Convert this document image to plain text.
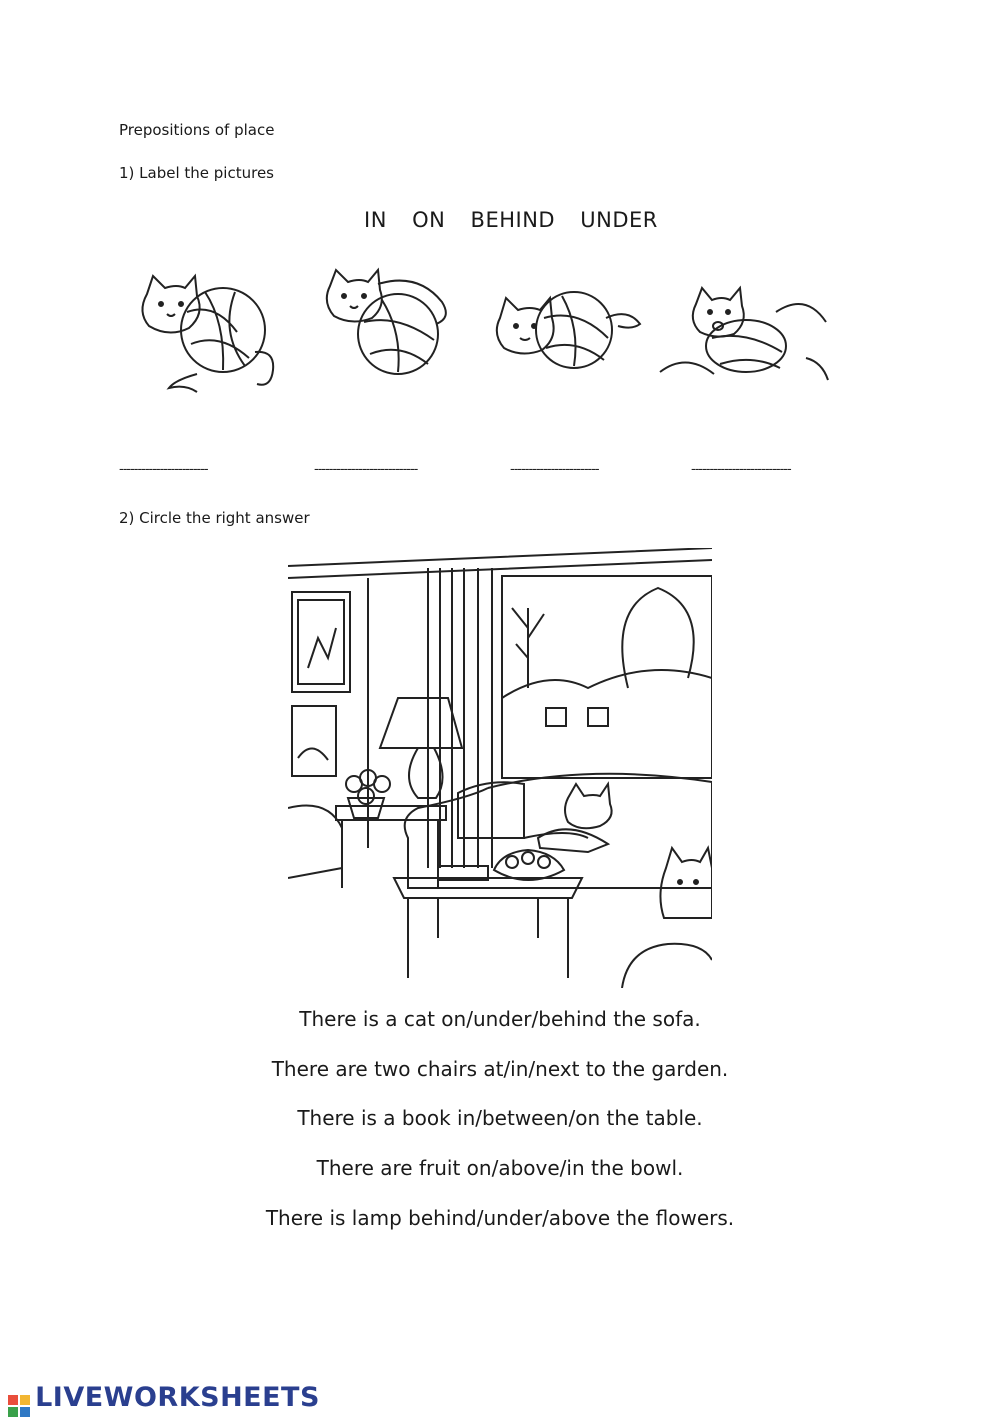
Prepositions of place
1) Label the pictures
IN ON BEHIND UNDER
------------------------	----------------------------	------------------------	---------------------------
2) Circle the right answer
There is a cat on/under/behind the sofa.
There are two chairs at/in/next to the garden.
There is a book in/between/on the table.
There are fruit on/above/in the bowl.
There is lamp behind/under/above the flowers.
LIVEWORKSHEETS
